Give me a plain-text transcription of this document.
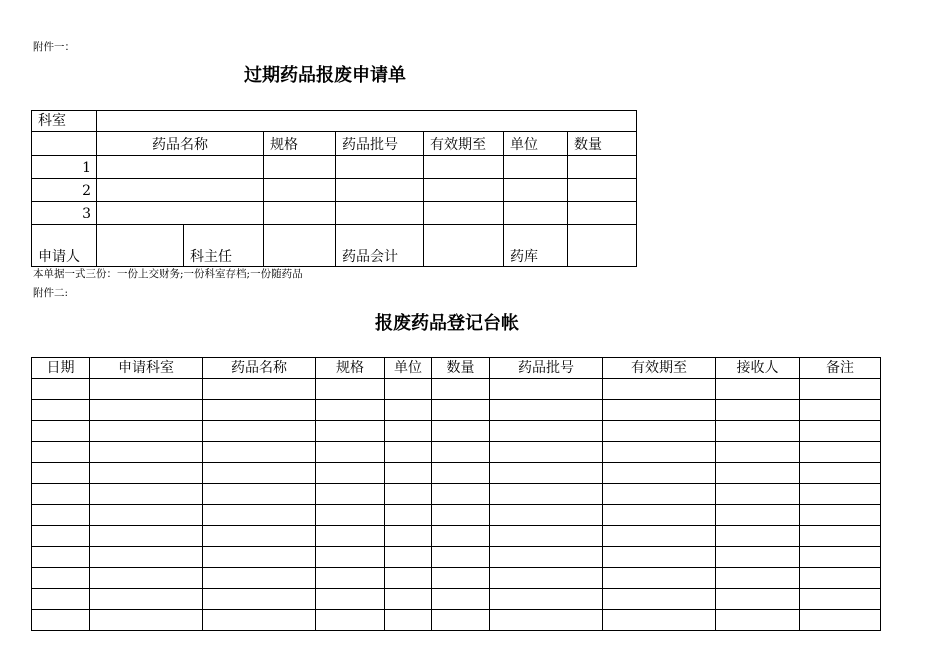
附件一：
过期药品报废申请单
科室							
	药品名称		规格	药品批号	有效期至	单位	数量
1							
2							
3							
申请人		科主任		药品会计		药库	
本单据一式三份：一份上交财务;一份科室存档;一份随药品
附件二:
报废药品登记台帐
日期	申请科室	药品名称	规格	单位	数量	药品批号	有效期至	接收人	备注
